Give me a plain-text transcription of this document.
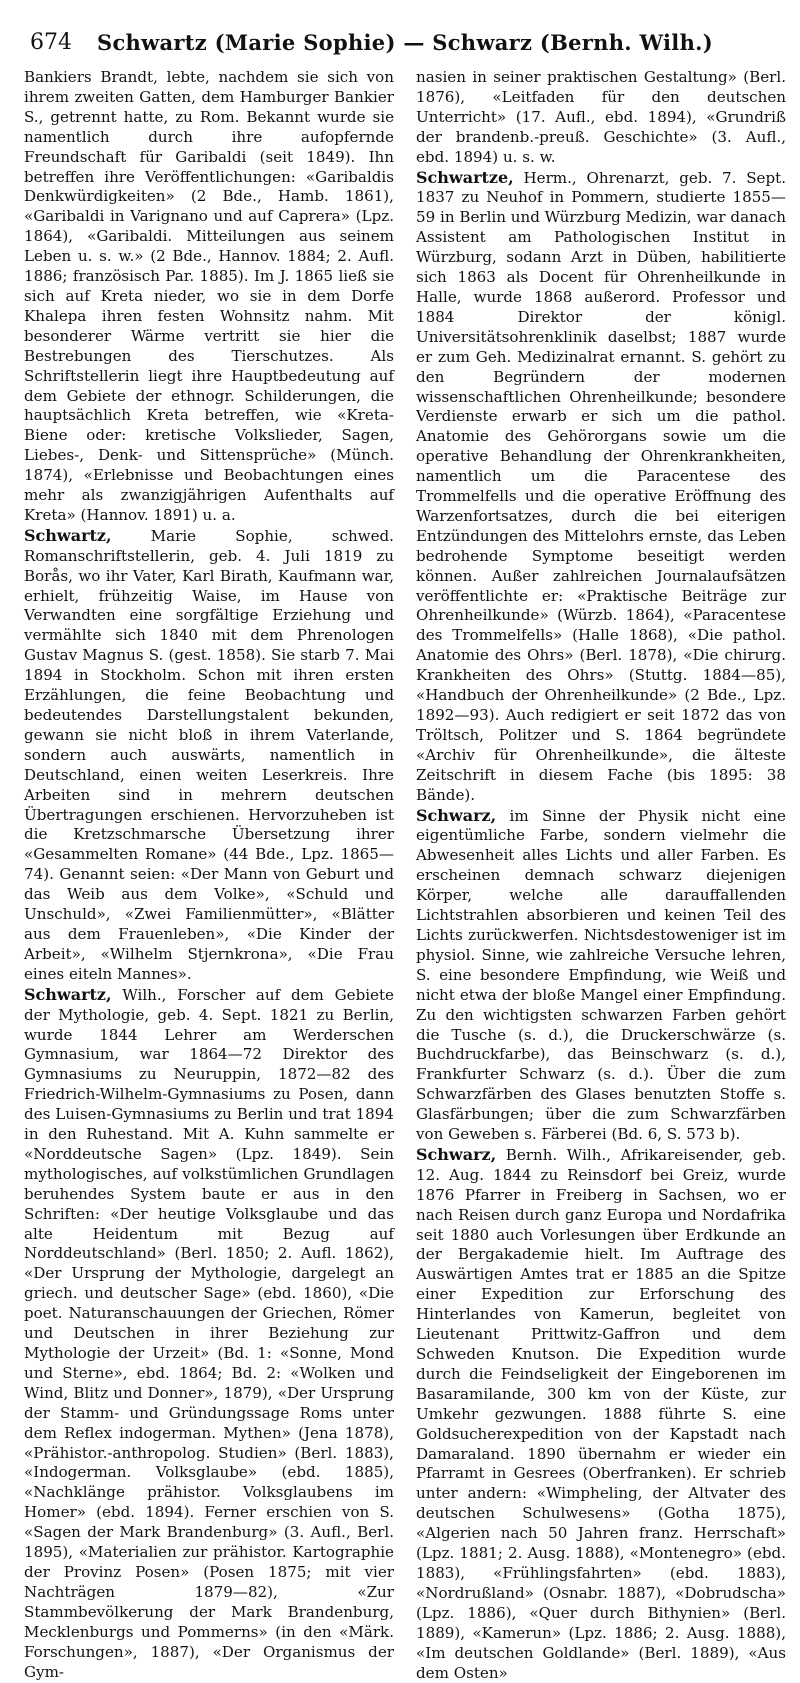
674	Schwartz (Marie Sophie) — Schwarz (Bernh. Wilh.)

Bankiers Brandt, lebte, nachdem sie sich von ihrem zweiten Gatten, dem Hamburger Bankier S., getrennt hatte, zu Rom. Bekannt wurde sie namentlich durch ihre aufopfernde Freundschaft für Garibaldi (seit 1849). Ihn betreffen ihre Veröffentlichungen: «Garibaldis Denkwürdigkeiten» (2 Bde., Hamb. 1861), «Garibaldi in Varignano und auf Caprera» (Lpz. 1864), «Garibaldi. Mitteilungen aus seinem Leben u. s. w.» (2 Bde., Hannov. 1884; 2. Aufl. 1886; französisch Par. 1885). Im J. 1865 ließ sie sich auf Kreta nieder, wo sie in dem Dorfe Khalepa ihren festen Wohnsitz nahm. Mit besonderer Wärme vertritt sie hier die Bestrebungen des Tierschutzes. Als Schriftstellerin liegt ihre Hauptbedeutung auf dem Gebiete der ethnogr. Schilderungen, die hauptsächlich Kreta betreffen, wie «Kreta-Biene oder: kretische Volkslieder, Sagen, Liebes-, Denk- und Sittensprüche» (Münch. 1874), «Erlebnisse und Beobachtungen eines mehr als zwanzigjährigen Aufenthalts auf Kreta» (Hannov. 1891) u. a.

Schwartz, Marie Sophie, schwed. Romanschriftstellerin, geb. 4. Juli 1819 zu Borås, wo ihr Vater, Karl Birath, Kaufmann war, erhielt, frühzeitig Waise, im Hause von Verwandten eine sorgfältige Erziehung und vermählte sich 1840 mit dem Phrenologen Gustav Magnus S. (gest. 1858). Sie starb 7. Mai 1894 in Stockholm. Schon mit ihren ersten Erzählungen, die feine Beobachtung und bedeutendes Darstellungstalent bekunden, gewann sie nicht bloß in ihrem Vaterlande, sondern auch auswärts, namentlich in Deutschland, einen weiten Leserkreis. Ihre Arbeiten sind in mehrern deutschen Übertragungen erschienen. Hervorzuheben ist die Kretzschmarsche Übersetzung ihrer «Gesammelten Romane» (44 Bde., Lpz. 1865—74). Genannt seien: «Der Mann von Geburt und das Weib aus dem Volke», «Schuld und Unschuld», «Zwei Familienmütter», «Blätter aus dem Frauenleben», «Die Kinder der Arbeit», «Wilhelm Stjernkrona», «Die Frau eines eiteln Mannes».

Schwartz, Wilh., Forscher auf dem Gebiete der Mythologie, geb. 4. Sept. 1821 zu Berlin, wurde 1844 Lehrer am Werderschen Gymnasium, war 1864—72 Direktor des Gymnasiums zu Neuruppin, 1872—82 des Friedrich-Wilhelm-Gymnasiums zu Posen, dann des Luisen-Gymnasiums zu Berlin und trat 1894 in den Ruhestand. Mit A. Kuhn sammelte er «Norddeutsche Sagen» (Lpz. 1849). Sein mythologisches, auf volkstümlichen Grundlagen beruhendes System baute er aus in den Schriften: «Der heutige Volksglaube und das alte Heidentum mit Bezug auf Norddeutschland» (Berl. 1850; 2. Aufl. 1862), «Der Ursprung der Mythologie, dargelegt an griech. und deutscher Sage» (ebd. 1860), «Die poet. Naturanschauungen der Griechen, Römer und Deutschen in ihrer Beziehung zur Mythologie der Urzeit» (Bd. 1: «Sonne, Mond und Sterne», ebd. 1864; Bd. 2: «Wolken und Wind, Blitz und Donner», 1879), «Der Ursprung der Stamm- und Gründungssage Roms unter dem Reflex indogerman. Mythen» (Jena 1878), «Prähistor.-anthropolog. Studien» (Berl. 1883), «Indogerman. Volksglaube» (ebd. 1885), «Nachklänge prähistor. Volksglaubens im Homer» (ebd. 1894). Ferner erschien von S. «Sagen der Mark Brandenburg» (3. Aufl., Berl. 1895), «Materialien zur prähistor. Kartographie der Provinz Posen» (Posen 1875; mit vier Nachträgen 1879—82), «Zur Stammbevölkerung der Mark Brandenburg, Mecklenburgs und Pommerns» (in den «Märk. Forschungen», 1887), «Der Organismus der Gym-

nasien in seiner praktischen Gestaltung» (Berl. 1876), «Leitfaden für den deutschen Unterricht» (17. Aufl., ebd. 1894), «Grundriß der brandenb.-preuß. Geschichte» (3. Aufl., ebd. 1894) u. s. w.

Schwartze, Herm., Ohrenarzt, geb. 7. Sept. 1837 zu Neuhof in Pommern, studierte 1855—59 in Berlin und Würzburg Medizin, war danach Assistent am Pathologischen Institut in Würzburg, sodann Arzt in Düben, habilitierte sich 1863 als Docent für Ohrenheilkunde in Halle, wurde 1868 außerord. Professor und 1884 Direktor der königl. Universitätsohrenklinik daselbst; 1887 wurde er zum Geh. Medizinalrat ernannt. S. gehört zu den Begründern der modernen wissenschaftlichen Ohrenheilkunde; besondere Verdienste erwarb er sich um die pathol. Anatomie des Gehörorgans sowie um die operative Behandlung der Ohrenkrankheiten, namentlich um die Paracentese des Trommelfells und die operative Eröffnung des Warzenfortsatzes, durch die bei eiterigen Entzündungen des Mittelohrs ernste, das Leben bedrohende Symptome beseitigt werden können. Außer zahlreichen Journalaufsätzen veröffentlichte er: «Praktische Beiträge zur Ohrenheilkunde» (Würzb. 1864), «Paracentese des Trommelfells» (Halle 1868), «Die pathol. Anatomie des Ohrs» (Berl. 1878), «Die chirurg. Krankheiten des Ohrs» (Stuttg. 1884—85), «Handbuch der Ohrenheilkunde» (2 Bde., Lpz. 1892—93). Auch redigiert er seit 1872 das von Tröltsch, Politzer und S. 1864 begründete «Archiv für Ohrenheilkunde», die älteste Zeitschrift in diesem Fache (bis 1895: 38 Bände).

Schwarz, im Sinne der Physik nicht eine eigentümliche Farbe, sondern vielmehr die Abwesenheit alles Lichts und aller Farben. Es erscheinen demnach schwarz diejenigen Körper, welche alle darauffallenden Lichtstrahlen absorbieren und keinen Teil des Lichts zurückwerfen. Nichtsdestoweniger ist im physiol. Sinne, wie zahlreiche Versuche lehren, S. eine besondere Empfindung, wie Weiß und nicht etwa der bloße Mangel einer Empfindung. Zu den wichtigsten schwarzen Farben gehört die Tusche (s. d.), die Druckerschwärze (s. Buchdruckfarbe), das Beinschwarz (s. d.), Frankfurter Schwarz (s. d.). Über die zum Schwarzfärben des Glases benutzten Stoffe s. Glasfärbungen; über die zum Schwarzfärben von Geweben s. Färberei (Bd. 6, S. 573 b).

Schwarz, Bernh. Wilh., Afrikareisender, geb. 12. Aug. 1844 zu Reinsdorf bei Greiz, wurde 1876 Pfarrer in Freiberg in Sachsen, wo er nach Reisen durch ganz Europa und Nordafrika seit 1880 auch Vorlesungen über Erdkunde an der Bergakademie hielt. Im Auftrage des Auswärtigen Amtes trat er 1885 an die Spitze einer Expedition zur Erforschung des Hinterlandes von Kamerun, begleitet von Lieutenant Prittwitz-Gaffron und dem Schweden Knutson. Die Expedition wurde durch die Feindseligkeit der Eingeborenen im Basaramilande, 300 km von der Küste, zur Umkehr gezwungen. 1888 führte S. eine Goldsucherexpedition von der Kapstadt nach Damaraland. 1890 übernahm er wieder ein Pfarramt in Gesrees (Oberfranken). Er schrieb unter andern: «Wimpheling, der Altvater des deutschen Schulwesens» (Gotha 1875), «Algerien nach 50 Jahren franz. Herrschaft» (Lpz. 1881; 2. Ausg. 1888), «Montenegro» (ebd. 1883), «Frühlingsfahrten» (ebd. 1883), «Nordrußland» (Osnabr. 1887), «Dobrudscha» (Lpz. 1886), «Quer durch Bithynien» (Berl. 1889), «Kamerun» (Lpz. 1886; 2. Ausg. 1888), «Im deutschen Goldlande» (Berl. 1889), «Aus dem Osten»
